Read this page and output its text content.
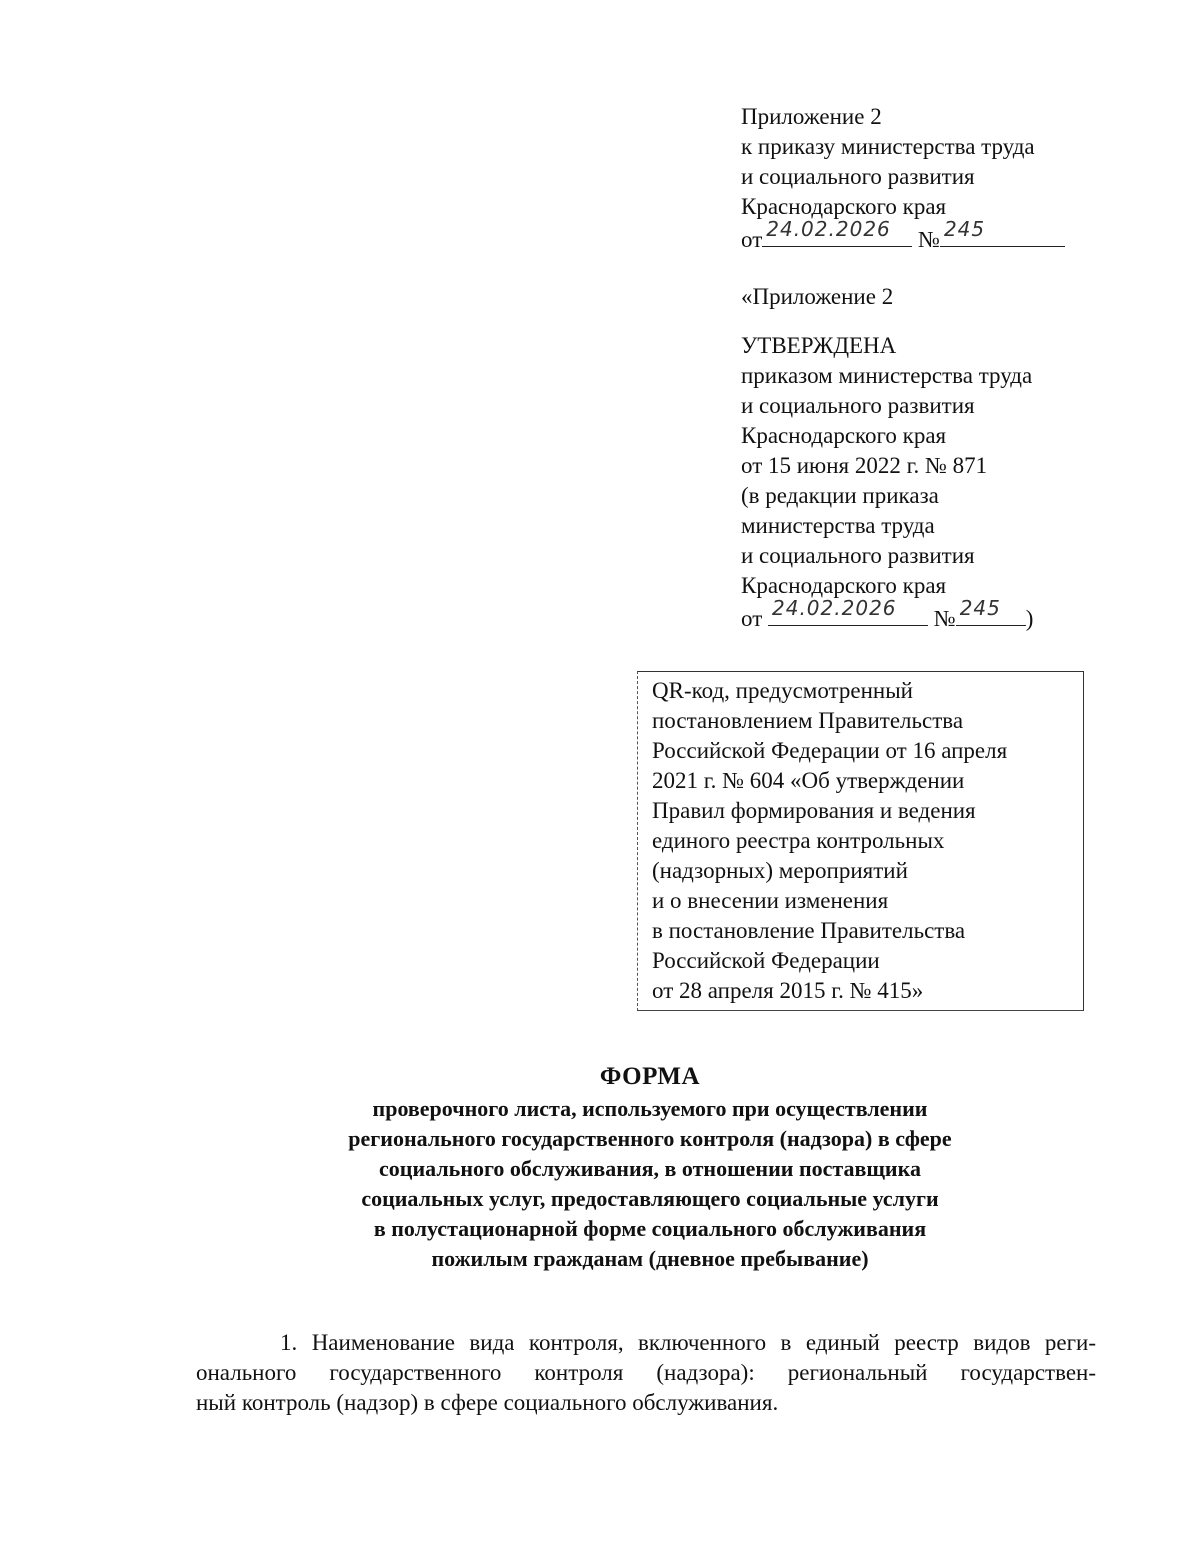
Приложение 2
к приказу министерства труда
и социального развития
Краснодарского края
от 24.02.2026 № 245
«Приложение 2
УТВЕРЖДЕНА
приказом министерства труда
и социального развития
Краснодарского края
от 15 июня 2022 г. № 871
(в редакции приказа
министерства труда
и социального развития
Краснодарского края
от 24.02.2026 № 245 )
QR-код, предусмотренный
постановлением Правительства
Российской Федерации от 16 апреля
2021 г. № 604 «Об утверждении
Правил формирования и ведения
единого реестра контрольных
(надзорных) мероприятий
и о внесении изменения
в постановление Правительства
Российской Федерации
от 28 апреля 2015 г. № 415»
ФОРМА
проверочного листа, используемого при осуществлении
регионального государственного контроля (надзора) в сфере
социального обслуживания, в отношении поставщика
социальных услуг, предоставляющего социальные услуги
в полустационарной форме социального обслуживания
пожилым гражданам (дневное пребывание)
1. Наименование вида контроля, включенного в единый реестр видов реги-
онального государственного контроля (надзора): региональный государствен-
ный контроль (надзор) в сфере социального обслуживания.
